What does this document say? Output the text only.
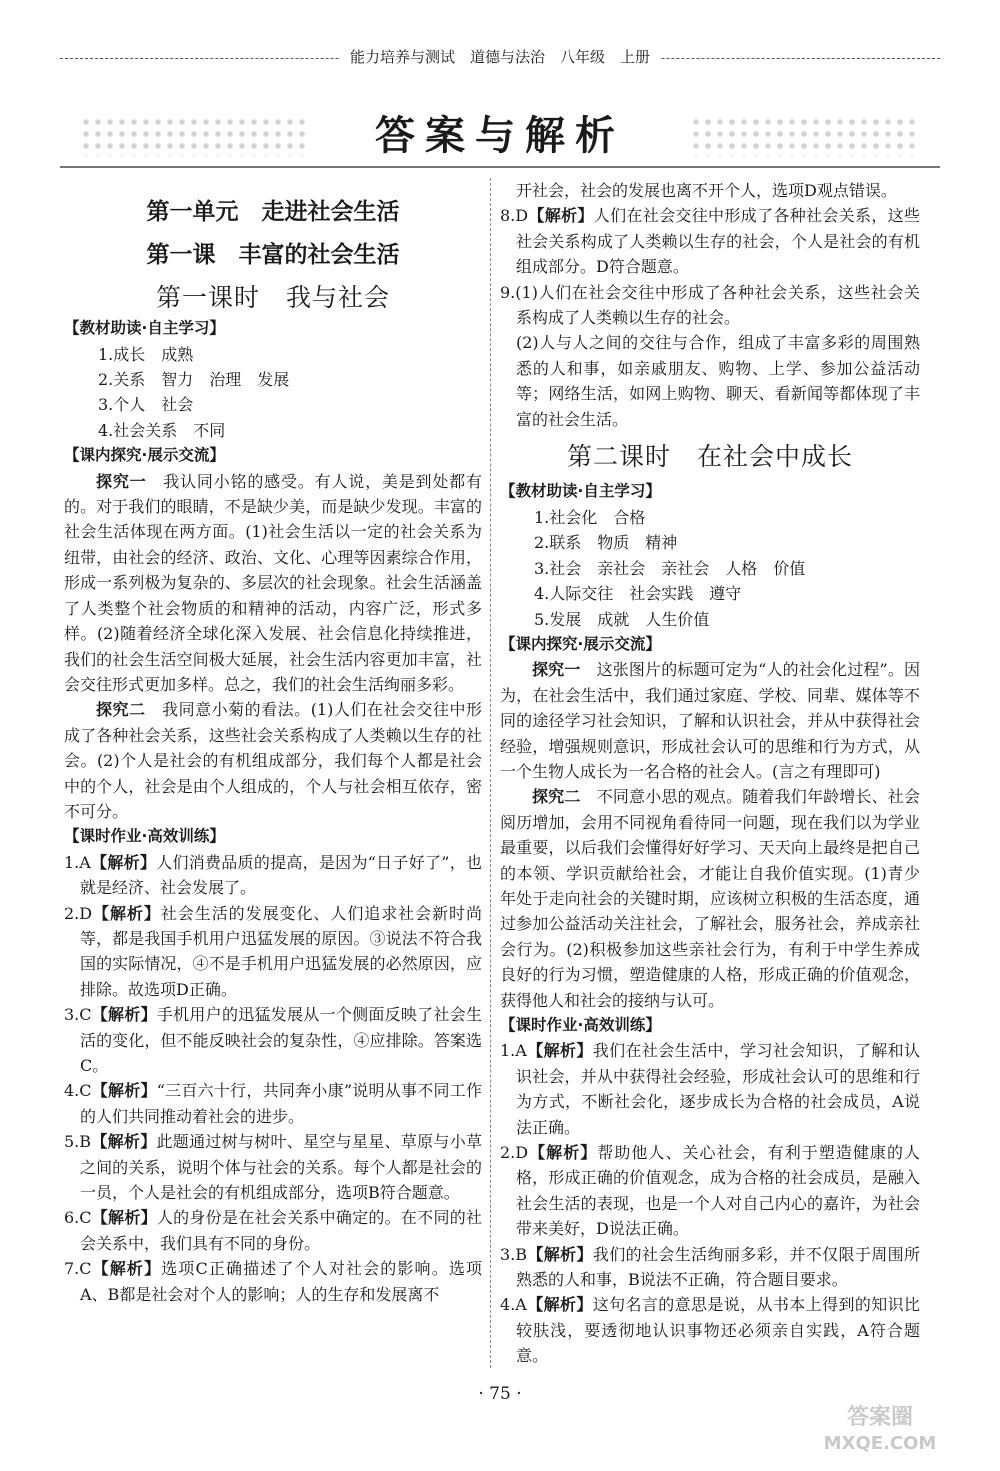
能力培养与测试　道德与法治　八年级　上册
答案与解析
第一单元　走进社会生活
第一课　丰富的社会生活
第一课时　我与社会
【教材助读·自主学习】
1.成长　成熟
2.关系　智力　治理　发展
3.个人　社会
4.社会关系　不同
【课内探究·展示交流】
探究一　我认同小铭的感受。有人说，美是到处都有的。对于我们的眼睛，不是缺少美，而是缺少发现。丰富的社会生活体现在两方面。(1)社会生活以一定的社会关系为纽带，由社会的经济、政治、文化、心理等因素综合作用，形成一系列极为复杂的、多层次的社会现象。社会生活涵盖了人类整个社会物质的和精神的活动，内容广泛，形式多样。(2)随着经济全球化深入发展、社会信息化持续推进，我们的社会生活空间极大延展，社会生活内容更加丰富，社会交往形式更加多样。总之，我们的社会生活绚丽多彩。
探究二　我同意小菊的看法。(1)人们在社会交往中形成了各种社会关系，这些社会关系构成了人类赖以生存的社会。(2)个人是社会的有机组成部分，我们每个人都是社会中的个人，社会是由个人组成的，个人与社会相互依存，密不可分。
【课时作业·高效训练】
1.A【解析】人们消费品质的提高，是因为“日子好了”，也就是经济、社会发展了。
2.D【解析】社会生活的发展变化、人们追求社会新时尚等，都是我国手机用户迅猛发展的原因。③说法不符合我国的实际情况，④不是手机用户迅猛发展的必然原因，应排除。故选项D正确。
3.C【解析】手机用户的迅猛发展从一个侧面反映了社会生活的变化，但不能反映社会的复杂性，④应排除。答案选C。
4.C【解析】“三百六十行，共同奔小康”说明从事不同工作的人们共同推动着社会的进步。
5.B【解析】此题通过树与树叶、星空与星星、草原与小草之间的关系，说明个体与社会的关系。每个人都是社会的一员，个人是社会的有机组成部分，选项B符合题意。
6.C【解析】人的身份是在社会关系中确定的。在不同的社会关系中，我们具有不同的身份。
7.C【解析】选项C正确描述了个人对社会的影响。选项A、B都是社会对个人的影响；人的生存和发展离不
开社会，社会的发展也离不开个人，选项D观点错误。
8.D【解析】人们在社会交往中形成了各种社会关系，这些社会关系构成了人类赖以生存的社会，个人是社会的有机组成部分。D符合题意。
9.(1)人们在社会交往中形成了各种社会关系，这些社会关系构成了人类赖以生存的社会。
(2)人与人之间的交往与合作，组成了丰富多彩的周围熟悉的人和事，如亲戚朋友、购物、上学、参加公益活动等；网络生活，如网上购物、聊天、看新闻等都体现了丰富的社会生活。
第二课时　在社会中成长
【教材助读·自主学习】
1.社会化　合格
2.联系　物质　精神
3.社会　亲社会　亲社会　人格　价值
4.人际交往　社会实践　遵守
5.发展　成就　人生价值
【课内探究·展示交流】
探究一　这张图片的标题可定为“人的社会化过程”。因为，在社会生活中，我们通过家庭、学校、同辈、媒体等不同的途径学习社会知识，了解和认识社会，并从中获得社会经验，增强规则意识，形成社会认可的思维和行为方式，从一个生物人成长为一名合格的社会人。(言之有理即可)
探究二　不同意小思的观点。随着我们年龄增长、社会阅历增加，会用不同视角看待同一问题，现在我们以为学业最重要，以后我们会懂得好好学习、天天向上最终是把自己的本领、学识贡献给社会，才能让自我价值实现。(1)青少年处于走向社会的关键时期，应该树立积极的生活态度，通过参加公益活动关注社会，了解社会，服务社会，养成亲社会行为。(2)积极参加这些亲社会行为，有利于中学生养成良好的行为习惯，塑造健康的人格，形成正确的价值观念，获得他人和社会的接纳与认可。
【课时作业·高效训练】
1.A【解析】我们在社会生活中，学习社会知识，了解和认识社会，并从中获得社会经验，形成社会认可的思维和行为方式，不断社会化，逐步成长为合格的社会成员，A说法正确。
2.D【解析】帮助他人、关心社会，有利于塑造健康的人格，形成正确的价值观念，成为合格的社会成员，是融入社会生活的表现，也是一个人对自己内心的嘉许，为社会带来美好，D说法正确。
3.B【解析】我们的社会生活绚丽多彩，并不仅限于周围所熟悉的人和事，B说法不正确，符合题目要求。
4.A【解析】这句名言的意思是说，从书本上得到的知识比较肤浅，要透彻地认识事物还必须亲自实践，A符合题意。
· 75 ·
答案圈
MXQE.COM
